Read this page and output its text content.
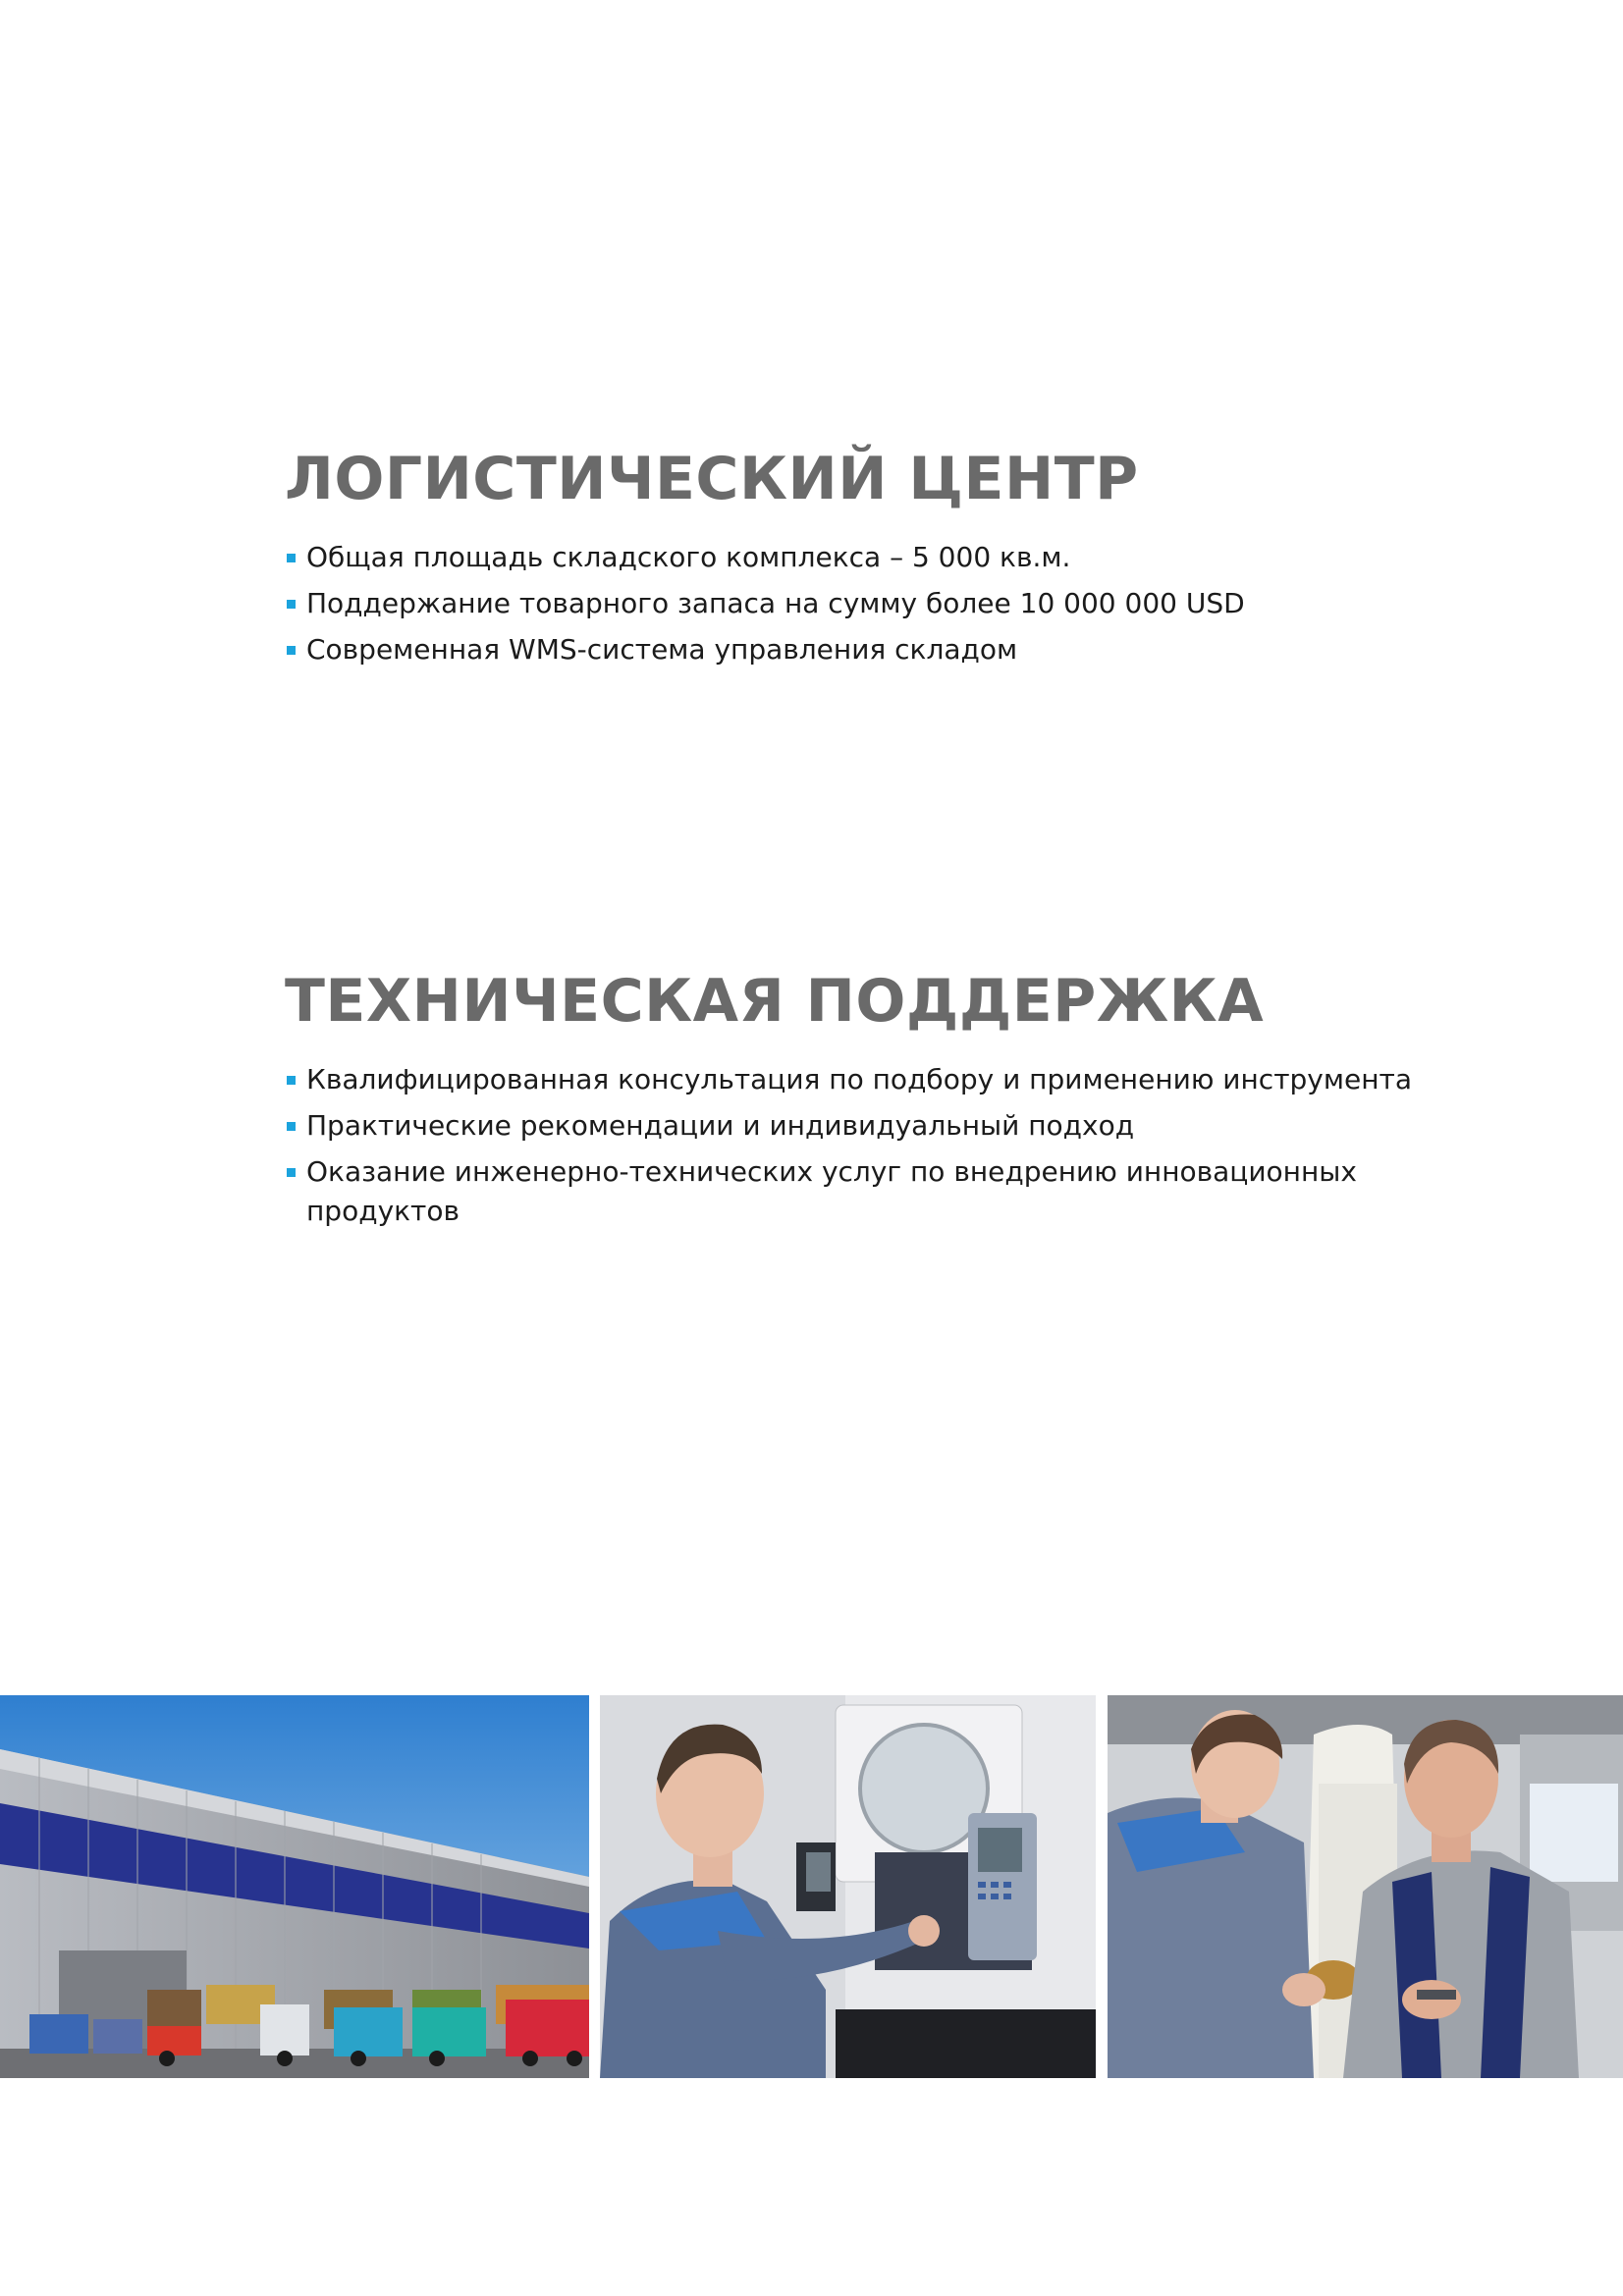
ЛОГИСТИЧЕСКИЙ ЦЕНТР
Общая площадь складского комплекса – 5 000 кв.м.
Поддержание товарного запаса на сумму более 10 000 000 USD
Современная WMS-система управления складом
ТЕХНИЧЕСКАЯ ПОДДЕРЖКА
Квалифицированная консультация по подбору и применению инструмента
Практические рекомендации и индивидуальный подход
Оказание инженерно-технических услуг по внедрению инновационных продуктов
